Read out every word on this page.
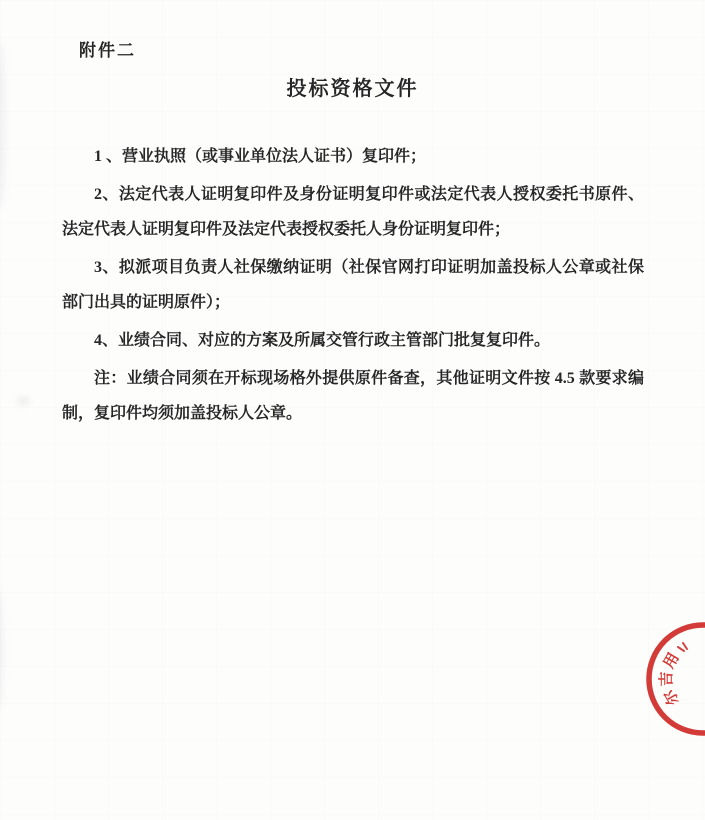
附件二
投标资格文件

1 、营业执照（或事业单位法人证书）复印件；

2、法定代表人证明复印件及身份证明复印件或法定代表人授权委托书原件、法定代表人证明复印件及法定代表授权委托人身份证明复印件；

3、拟派项目负责人社保缴纳证明（社保官网打印证明加盖投标人公章或社保部门出具的证明原件）；

4、业绩合同、对应的方案及所属交管行政主管部门批复复印件。

注：业绩合同须在开标现场格外提供原件备查，其他证明文件按 4.5 款要求编制，复印件均须加盖投标人公章。

用
吉
尔
